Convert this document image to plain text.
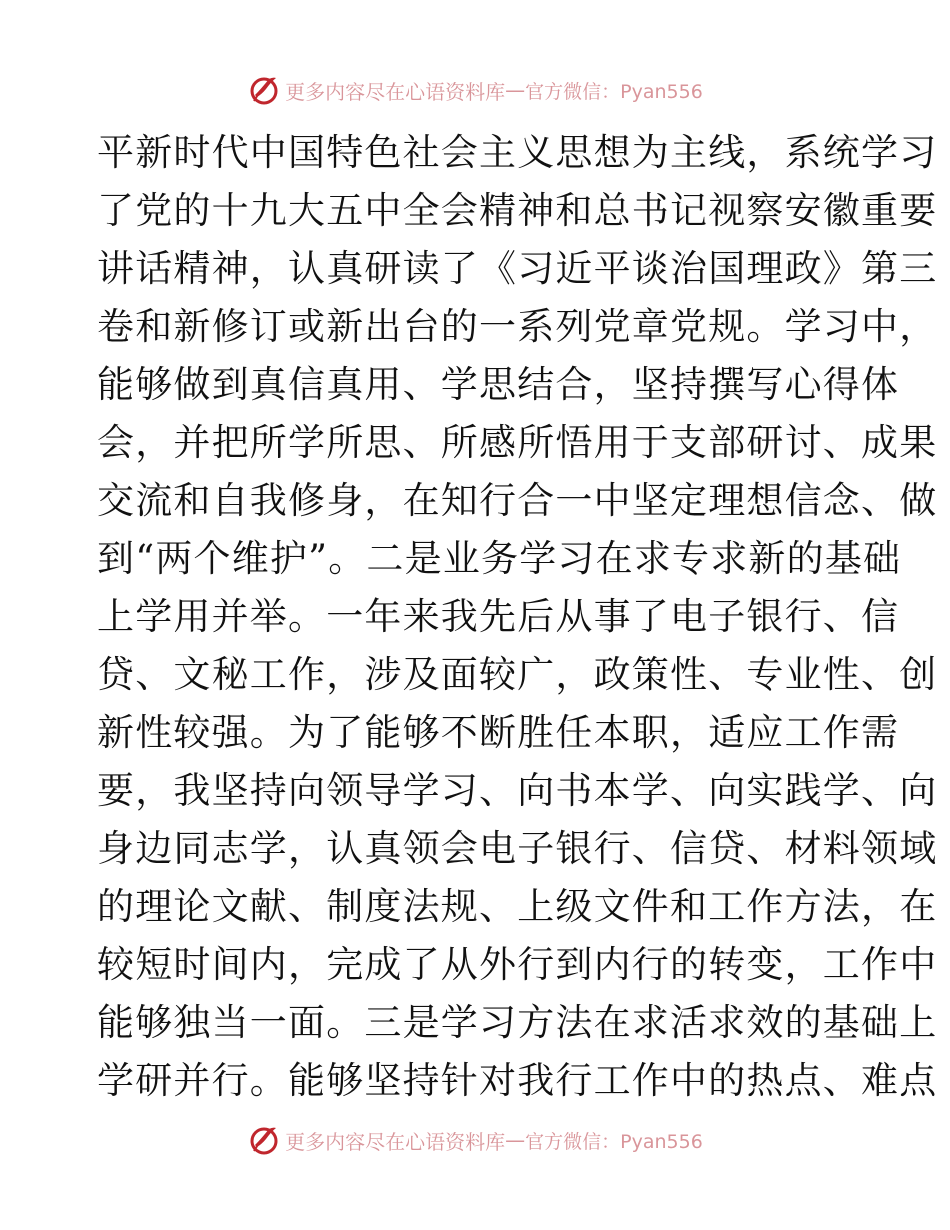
更多内容尽在心语资料库 — 官方微信：Pyan556
平新时代中国特色社会主义思想为主线，系统学习
了党的十九大五中全会精神和总书记视察安徽重要
讲话精神，认真研读了《习近平谈治国理政》第三
卷和新修订或新出台的一系列党章党规。学习中，
能够做到真信真用、学思结合，坚持撰写心得体
会，并把所学所思、所感所悟用于支部研讨、成果
交流和自我修身，在知行合一中坚定理想信念、做
到“两个维护”。二是业务学习在求专求新的基础
上学用并举。一年来我先后从事了电子银行、信
贷、文秘工作，涉及面较广，政策性、专业性、创
新性较强。为了能够不断胜任本职，适应工作需
要，我坚持向领导学习、向书本学、向实践学、向
身边同志学，认真领会电子银行、信贷、材料领域
的理论文献、制度法规、上级文件和工作方法，在
较短时间内，完成了从外行到内行的转变，工作中
能够独当一面。三是学习方法在求活求效的基础上
学研并行。能够坚持针对我行工作中的热点、难点
更多内容尽在心语资料库 — 官方微信：Pyan556
